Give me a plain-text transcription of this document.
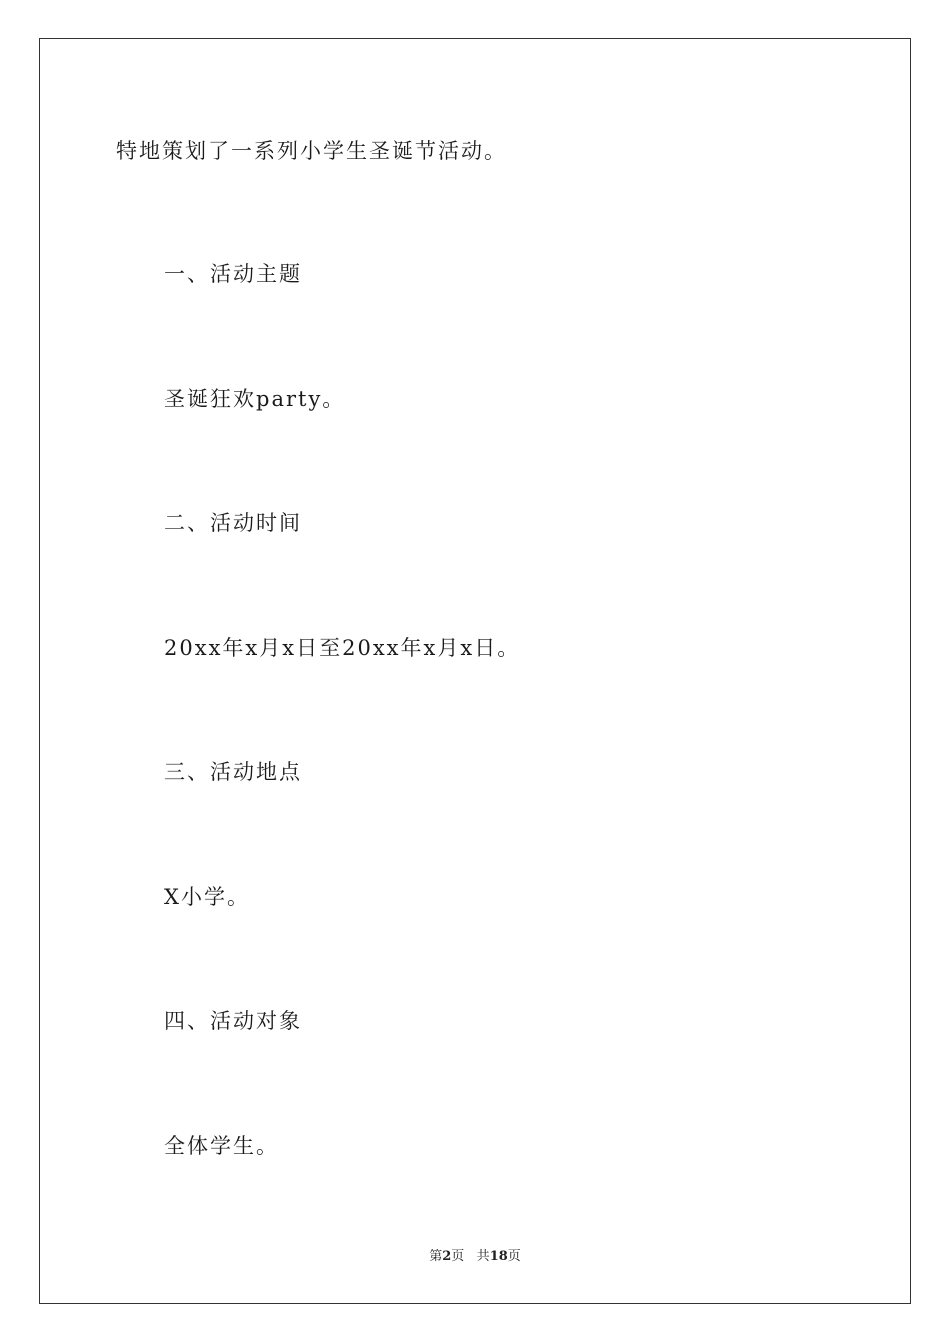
特地策划了一系列小学生圣诞节活动。
一、活动主题
圣诞狂欢party。
二、活动时间
20xx年x月x日至20xx年x月x日。
三、活动地点
X小学。
四、活动对象
全体学生。
第2页 共18页
